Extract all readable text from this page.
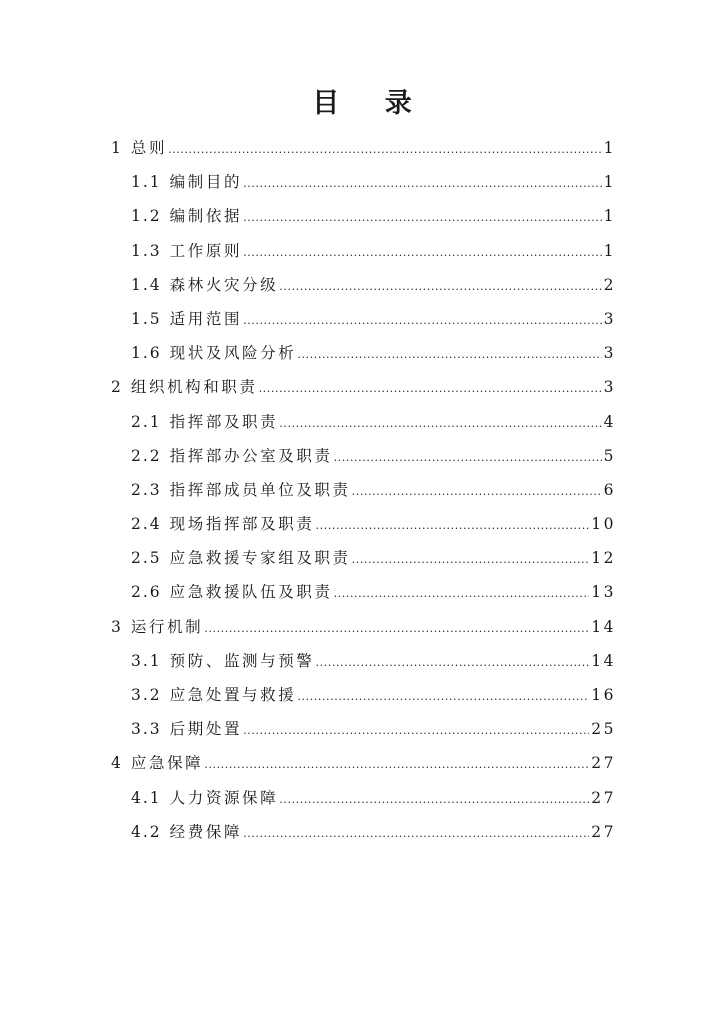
目 录
1 总则 .....	1
1.1 编制目的 .....	1
1.2 编制依据 .....	1
1.3 工作原则 .....	1
1.4 森林火灾分级 .....	2
1.5 适用范围 .....	3
1.6 现状及风险分析 .....	3
2 组织机构和职责 .....	3
2.1 指挥部及职责 .....	4
2.2 指挥部办公室及职责 .....	5
2.3 指挥部成员单位及职责 .....	6
2.4 现场指挥部及职责 .....	10
2.5 应急救援专家组及职责 .....	12
2.6 应急救援队伍及职责 .....	13
3 运行机制 .....	14
3.1 预防、监测与预警 .....	14
3.2 应急处置与救援 .....	16
3.3 后期处置 .....	25
4 应急保障 .....	27
4.1 人力资源保障 .....	27
4.2 经费保障 .....	27
